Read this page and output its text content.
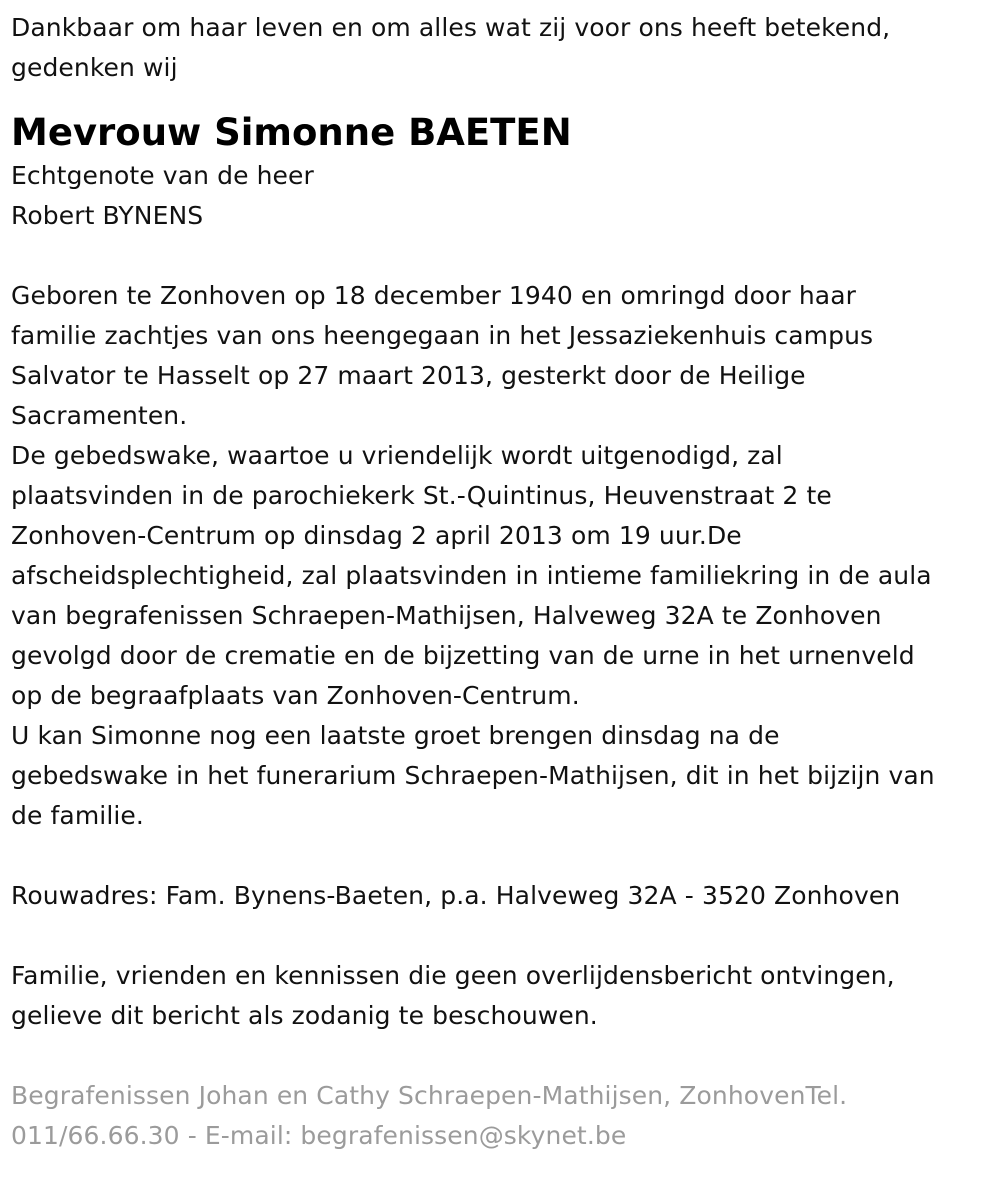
Dankbaar om haar leven en om alles wat zij voor ons heeft betekend,
gedenken wij

Mevrouw Simonne BAETEN

Echtgenote van de heer
Robert BYNENS

Geboren te Zonhoven op 18 december 1940 en omringd door haar
familie zachtjes van ons heengegaan in het Jessaziekenhuis campus
Salvator te Hasselt op 27 maart 2013, gesterkt door de Heilige
Sacramenten.
De gebedswake, waartoe u vriendelijk wordt uitgenodigd, zal
plaatsvinden in de parochiekerk St.-Quintinus, Heuvenstraat 2 te
Zonhoven-Centrum op dinsdag 2 april 2013 om 19 uur.De
afscheidsplechtigheid, zal plaatsvinden in intieme familiekring in de aula
van begrafenissen Schraepen-Mathijsen, Halveweg 32A te Zonhoven
gevolgd door de crematie en de bijzetting van de urne in het urnenveld
op de begraafplaats van Zonhoven-Centrum.
U kan Simonne nog een laatste groet brengen dinsdag na de
gebedswake in het funerarium Schraepen-Mathijsen, dit in het bijzijn van
de familie.

Rouwadres: Fam. Bynens-Baeten, p.a. Halveweg 32A - 3520 Zonhoven

Familie, vrienden en kennissen die geen overlijdensbericht ontvingen,
gelieve dit bericht als zodanig te beschouwen.

Begrafenissen Johan en Cathy Schraepen-Mathijsen, ZonhovenTel.
011/66.66.30 - E-mail: begrafenissen@skynet.be
